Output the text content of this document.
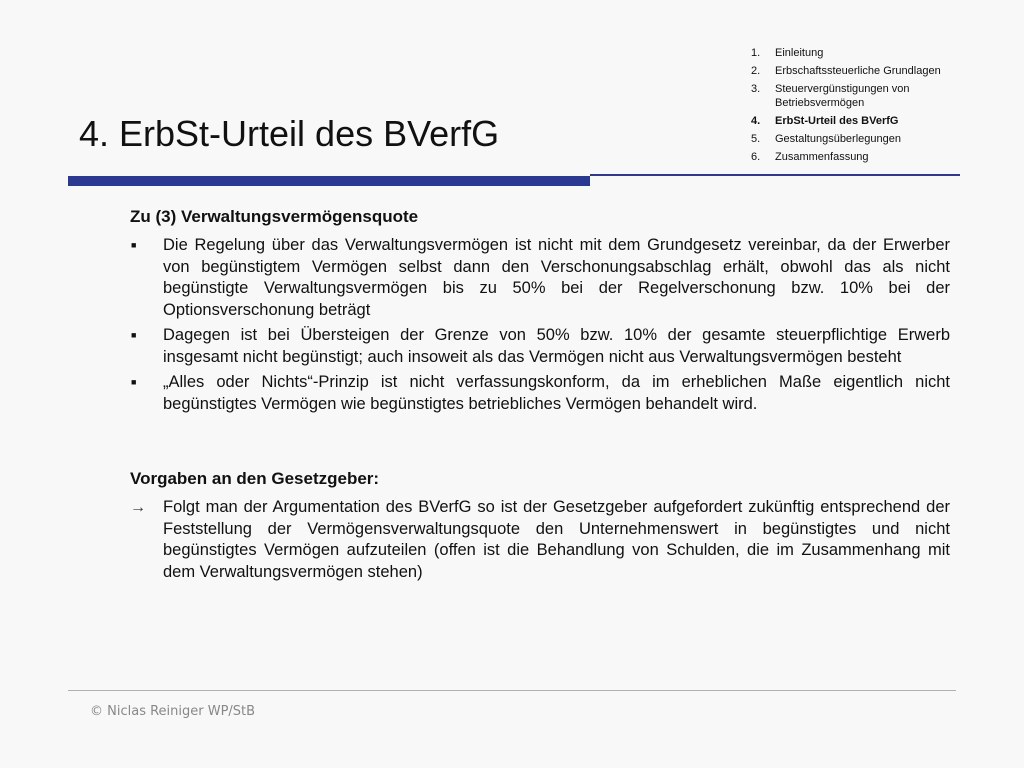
1.	Einleitung
2.	Erbschaftssteuerliche Grundlagen
3.	Steuervergünstigungen von Betriebsvermögen
4.	ErbSt-Urteil des BVerfG
5.	Gestaltungsüberlegungen
6.	Zusammenfassung
4. ErbSt-Urteil des BVerfG
Zu (3) Verwaltungsvermögensquote
■ Die Regelung über das Verwaltungsvermögen ist nicht mit dem Grundgesetz vereinbar, da der Erwerber von begünstigtem Vermögen selbst dann den Verschonungsabschlag erhält, obwohl das als nicht begünstigte Verwaltungsvermögen bis zu 50% bei der Regelverschonung bzw. 10% bei der Optionsverschonung beträgt
■ Dagegen ist bei Übersteigen der Grenze von 50% bzw. 10% der gesamte steuerpflichtige Erwerb insgesamt nicht begünstigt; auch insoweit als das Vermögen nicht aus Verwaltungsvermögen besteht
■ „Alles oder Nichts“-Prinzip ist nicht verfassungskonform, da im erheblichen Maße eigentlich nicht begünstigtes Vermögen wie begünstigtes betriebliches Vermögen behandelt wird.
Vorgaben an den Gesetzgeber:
→ Folgt man der Argumentation des BVerfG so ist der Gesetzgeber aufgefordert zukünftig entsprechend der Feststellung der Vermögensverwaltungsquote den Unternehmenswert in begünstigtes und nicht begünstigtes Vermögen aufzuteilen (offen ist die Behandlung von Schulden, die im Zusammenhang mit dem Verwaltungsvermögen stehen)
© Niclas Reiniger WP/StB
